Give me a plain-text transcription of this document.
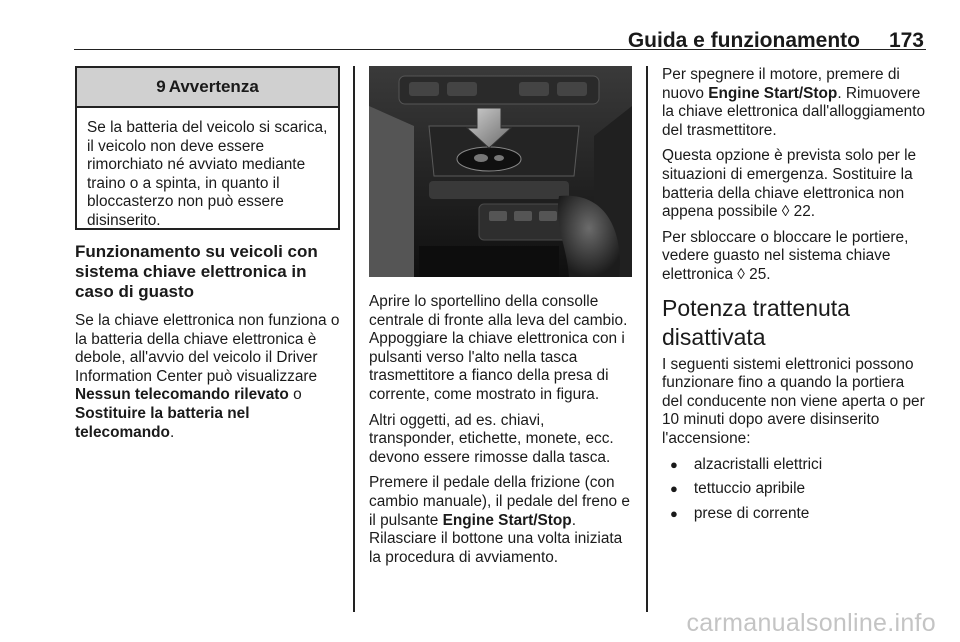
Guida e funzionamento 173
9 Avvertenza
Se la batteria del veicolo si scarica, il veicolo non deve essere rimorchiato né avviato mediante traino o a spinta, in quanto il bloccasterzo non può essere disinserito.
Funzionamento su veicoli con sistema chiave elettronica in caso di guasto

Se la chiave elettronica non funziona o la batteria della chiave elettronica è debole, all'avvio del veicolo il Driver Information Center può visualizzare Nessun telecomando rilevato o Sostituire la batteria nel telecomando.

Aprire lo sportellino della consolle centrale di fronte alla leva del cambio. Appoggiare la chiave elettronica con i pulsanti verso l'alto nella tasca trasmettitore a fianco della presa di corrente, come mostrato in figura.

Altri oggetti, ad es. chiavi, transponder, etichette, monete, ecc. devono essere rimosse dalla tasca.

Premere il pedale della frizione (con cambio manuale), il pedale del freno e il pulsante Engine Start/Stop. Rilasciare il bottone una volta iniziata la procedura di avviamento.

Per spegnere il motore, premere di nuovo Engine Start/Stop. Rimuovere la chiave elettronica dall'alloggiamento del trasmettitore.

Questa opzione è prevista solo per le situazioni di emergenza. Sostituire la batteria della chiave elettronica non appena possibile ◊ 22.

Per sbloccare o bloccare le portiere, vedere guasto nel sistema chiave elettronica ◊ 25.

Potenza trattenuta disattivata

I seguenti sistemi elettronici possono funzionare fino a quando la portiera del conducente non viene aperta o per 10 minuti dopo avere disinserito l'accensione:

● alzacristalli elettrici
● tettuccio apribile
● prese di corrente
carmanualsonline.info
